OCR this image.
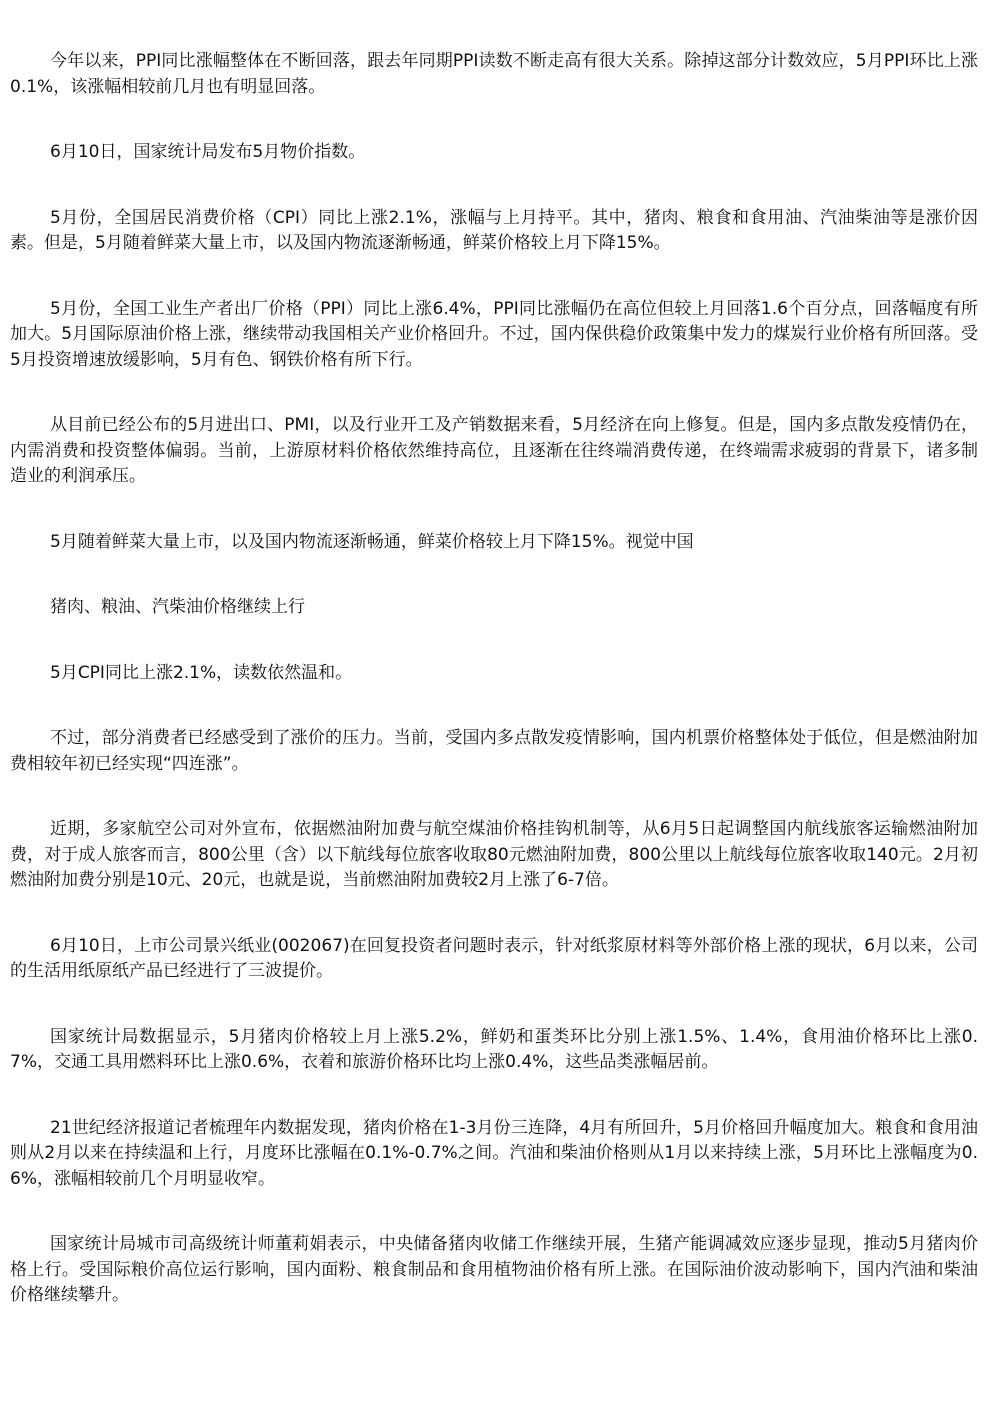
今年以来，PPI同比涨幅整体在不断回落，跟去年同期PPI读数不断走高有很大关系。除掉这部分计数效应，5月PPI环比上涨0.1%，该涨幅相较前几月也有明显回落。

6月10日，国家统计局发布5月物价指数。

5月份，全国居民消费价格（CPI）同比上涨2.1%，涨幅与上月持平。其中，猪肉、粮食和食用油、汽油柴油等是涨价因素。但是，5月随着鲜菜大量上市，以及国内物流逐渐畅通，鲜菜价格较上月下降15%。

5月份，全国工业生产者出厂价格（PPI）同比上涨6.4%，PPI同比涨幅仍在高位但较上月回落1.6个百分点，回落幅度有所加大。5月国际原油价格上涨，继续带动我国相关产业价格回升。不过，国内保供稳价政策集中发力的煤炭行业价格有所回落。受5月投资增速放缓影响，5月有色、钢铁价格有所下行。

从目前已经公布的5月进出口、PMI，以及行业开工及产销数据来看，5月经济在向上修复。但是，国内多点散发疫情仍在，内需消费和投资整体偏弱。当前，上游原材料价格依然维持高位，且逐渐在往终端消费传递，在终端需求疲弱的背景下，诸多制造业的利润承压。

5月随着鲜菜大量上市，以及国内物流逐渐畅通，鲜菜价格较上月下降15%。视觉中国

猪肉、粮油、汽柴油价格继续上行

5月CPI同比上涨2.1%，读数依然温和。

不过，部分消费者已经感受到了涨价的压力。当前，受国内多点散发疫情影响，国内机票价格整体处于低位，但是燃油附加费相较年初已经实现“四连涨”。

近期，多家航空公司对外宣布，依据燃油附加费与航空煤油价格挂钩机制等，从6月5日起调整国内航线旅客运输燃油附加费，对于成人旅客而言，800公里（含）以下航线每位旅客收取80元燃油附加费，800公里以上航线每位旅客收取140元。2月初燃油附加费分别是10元、20元，也就是说，当前燃油附加费较2月上涨了6-7倍。

6月10日，上市公司景兴纸业(002067)在回复投资者问题时表示，针对纸浆原材料等外部价格上涨的现状，6月以来，公司的生活用纸原纸产品已经进行了三波提价。

国家统计局数据显示，5月猪肉价格较上月上涨5.2%，鲜奶和蛋类环比分别上涨1.5%、1.4%，食用油价格环比上涨0.7%，交通工具用燃料环比上涨0.6%，衣着和旅游价格环比均上涨0.4%，这些品类涨幅居前。

21世纪经济报道记者梳理年内数据发现，猪肉价格在1-3月份三连降，4月有所回升，5月价格回升幅度加大。粮食和食用油则从2月以来在持续温和上行，月度环比涨幅在0.1%-0.7%之间。汽油和柴油价格则从1月以来持续上涨，5月环比上涨幅度为0.6%，涨幅相较前几个月明显收窄。

国家统计局城市司高级统计师董莉娟表示，中央储备猪肉收储工作继续开展，生猪产能调减效应逐步显现，推动5月猪肉价格上行。受国际粮价高位运行影响，国内面粉、粮食制品和食用植物油价格有所上涨。在国际油价波动影响下，国内汽油和柴油价格继续攀升。
